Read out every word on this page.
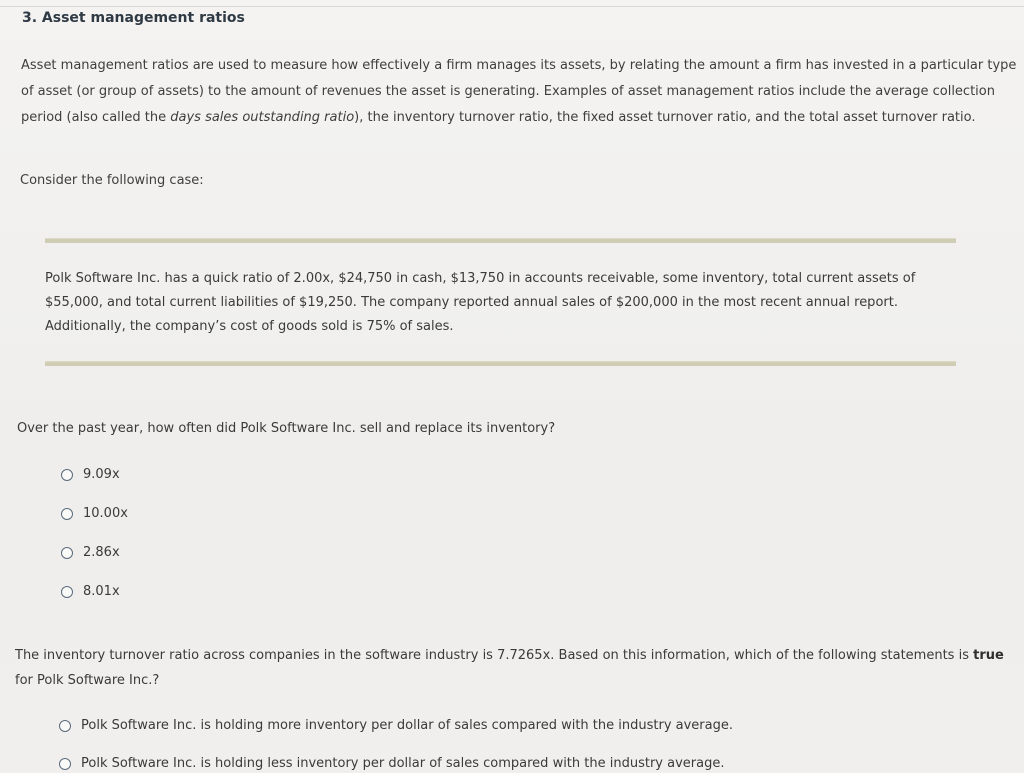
3. Asset management ratios
Asset management ratios are used to measure how effectively a firm manages its assets, by relating the amount a firm has invested in a particular type of asset (or group of assets) to the amount of revenues the asset is generating. Examples of asset management ratios include the average collection period (also called the days sales outstanding ratio), the inventory turnover ratio, the fixed asset turnover ratio, and the total asset turnover ratio.
Consider the following case:
Polk Software Inc. has a quick ratio of 2.00x, $24,750 in cash, $13,750 in accounts receivable, some inventory, total current assets of $55,000, and total current liabilities of $19,250. The company reported annual sales of $200,000 in the most recent annual report. Additionally, the company’s cost of goods sold is 75% of sales.
Over the past year, how often did Polk Software Inc. sell and replace its inventory?
9.09x
10.00x
2.86x
8.01x
The inventory turnover ratio across companies in the software industry is 7.7265x. Based on this information, which of the following statements is true for Polk Software Inc.?
Polk Software Inc. is holding more inventory per dollar of sales compared with the industry average.
Polk Software Inc. is holding less inventory per dollar of sales compared with the industry average.
